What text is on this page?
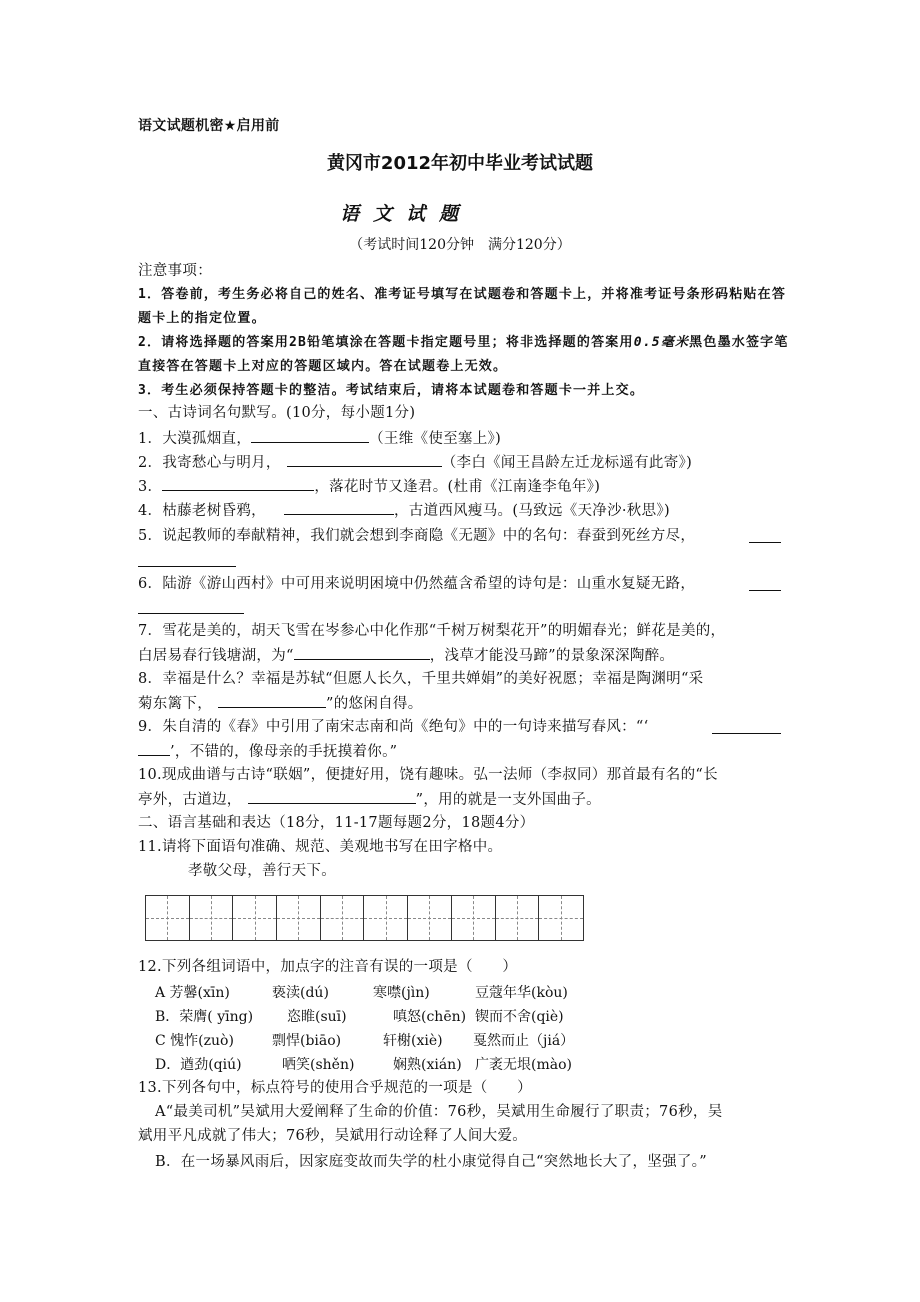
语文试题机密★启用前
黄冈市2012年初中毕业考试试题
语文试题
（考试时间120分钟　满分120分）
注意事项：
1．答卷前，考生务必将自己的姓名、准考证号填写在试题卷和答题卡上，并将准考证号条形码粘贴在答
题卡上的指定位置。
2．请将选择题的答案用2B铅笔填涂在答题卡指定题号里；将非选择题的答案用0.5毫米黑色墨水签字笔
直接答在答题卡上对应的答题区域内。答在试题卷上无效。
3．考生必须保持答题卡的整洁。考试结束后，请将本试题卷和答题卡一并上交。
一、古诗词名句默写。(10分，每小题1分)
1．大漠孤烟直，	（王维《使至塞上》)
2．我寄愁心与明月，	（李白《闻王昌龄左迁龙标遥有此寄》)
3．	，落花时节又逢君。(杜甫《江南逢李龟年》)
4．枯藤老树昏鸦，	，古道西风瘦马。(马致远《天净沙·秋思》)
5．说起教师的奉献精神，我们就会想到李商隐《无题》中的名句：春蚕到死丝方尽，
6．陆游《游山西村》中可用来说明困境中仍然蕴含希望的诗句是：山重水复疑无路，
7．雪花是美的，胡天飞雪在岑参心中化作那“千树万树梨花开”的明媚春光；鲜花是美的，
白居易春行钱塘湖，为“	，浅草才能没马蹄”的景象深深陶醉。
8．幸福是什么？幸福是苏轼“但愿人长久，千里共婵娟”的美好祝愿；幸福是陶渊明“采
菊东篱下，	”的悠闲自得。
9．朱自清的《春》中引用了南宋志南和尚《绝句》中的一句诗来描写春风：“‘
’，不错的，像母亲的手抚摸着你。”
10.现成曲谱与古诗“联姻”，便捷好用，饶有趣味。弘一法师（李叔同）那首最有名的“长
亭外，古道边，	”，用的就是一支外国曲子。
二、语言基础和表达（18分，11-17题每题2分，18题4分）
11.请将下面语句准确、规范、美观地书写在田字格中。
孝敬父母，善行天下。
12.下列各组词语中，加点字的注音有误的一项是（　　）
A 芳馨(xīn)	亵渎(dú)	寒噤(jìn)	豆蔻年华(kòu)
B．荣膺( yīng) 恣睢(suī)	嗔怒(chēn) 锲而不舍(qiè)
C 愧怍(zuò)	剽悍(biāo)	轩榭(xiè) 戛然而止（jiá）
D．遒劲(qiú)	哂笑(shěn)	娴熟(xián) 广袤无垠(mào)
13.下列各句中，标点符号的使用合乎规范的一项是（　　）
A“最美司机”吴斌用大爱阐释了生命的价值：76秒，吴斌用生命履行了职责；76秒，吴
斌用平凡成就了伟大；76秒，吴斌用行动诠释了人间大爱。
B．在一场暴风雨后，因家庭变故而失学的杜小康觉得自己“突然地长大了，坚强了。”
